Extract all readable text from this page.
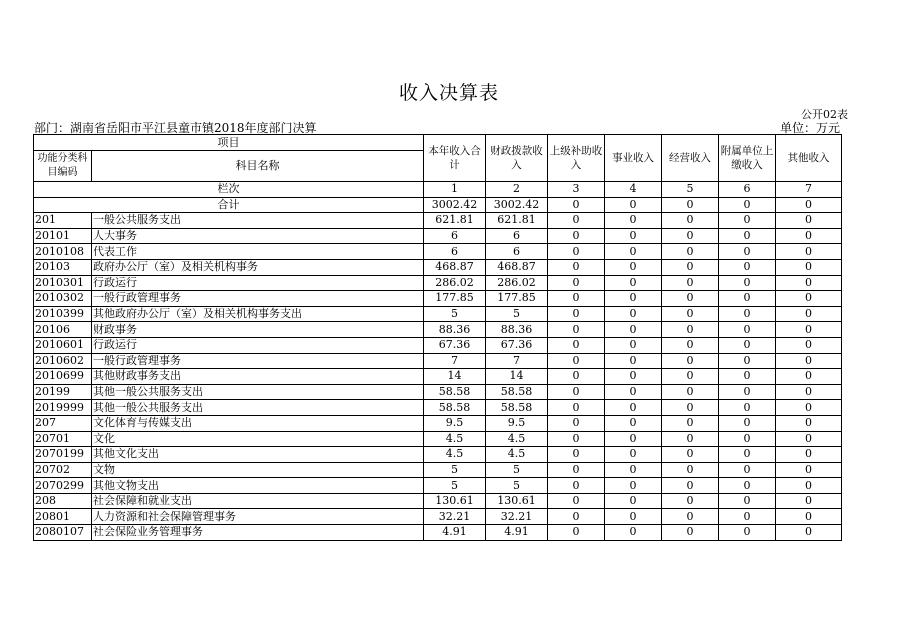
收入决算表
公开02表
部门：湖南省岳阳市平江县童市镇2018年度部门决算	单位：万元
项目		本年收入合计	财政拨款收入	上级补助收入	事业收入	经营收入	附属单位上缴收入	其他收入
功能分类科目编码	科目名称							
栏次		1	2	3	4	5	6	7
合计		3002.42	3002.42	0	0	0	0	0
201	一般公共服务支出	621.81	621.81	0	0	0	0	0
20101	人大事务	6	6	0	0	0	0	0
2010108	代表工作	6	6	0	0	0	0	0
20103	政府办公厅（室）及相关机构事务	468.87	468.87	0	0	0	0	0
2010301	行政运行	286.02	286.02	0	0	0	0	0
2010302	一般行政管理事务	177.85	177.85	0	0	0	0	0
2010399	其他政府办公厅（室）及相关机构事务支出	5	5	0	0	0	0	0
20106	财政事务	88.36	88.36	0	0	0	0	0
2010601	行政运行	67.36	67.36	0	0	0	0	0
2010602	一般行政管理事务	7	7	0	0	0	0	0
2010699	其他财政事务支出	14	14	0	0	0	0	0
20199	其他一般公共服务支出	58.58	58.58	0	0	0	0	0
2019999	其他一般公共服务支出	58.58	58.58	0	0	0	0	0
207	文化体育与传媒支出	9.5	9.5	0	0	0	0	0
20701	文化	4.5	4.5	0	0	0	0	0
2070199	其他文化支出	4.5	4.5	0	0	0	0	0
20702	文物	5	5	0	0	0	0	0
2070299	其他文物支出	5	5	0	0	0	0	0
208	社会保障和就业支出	130.61	130.61	0	0	0	0	0
20801	人力资源和社会保障管理事务	32.21	32.21	0	0	0	0	0
2080107	社会保险业务管理事务	4.91	4.91	0	0	0	0	0
